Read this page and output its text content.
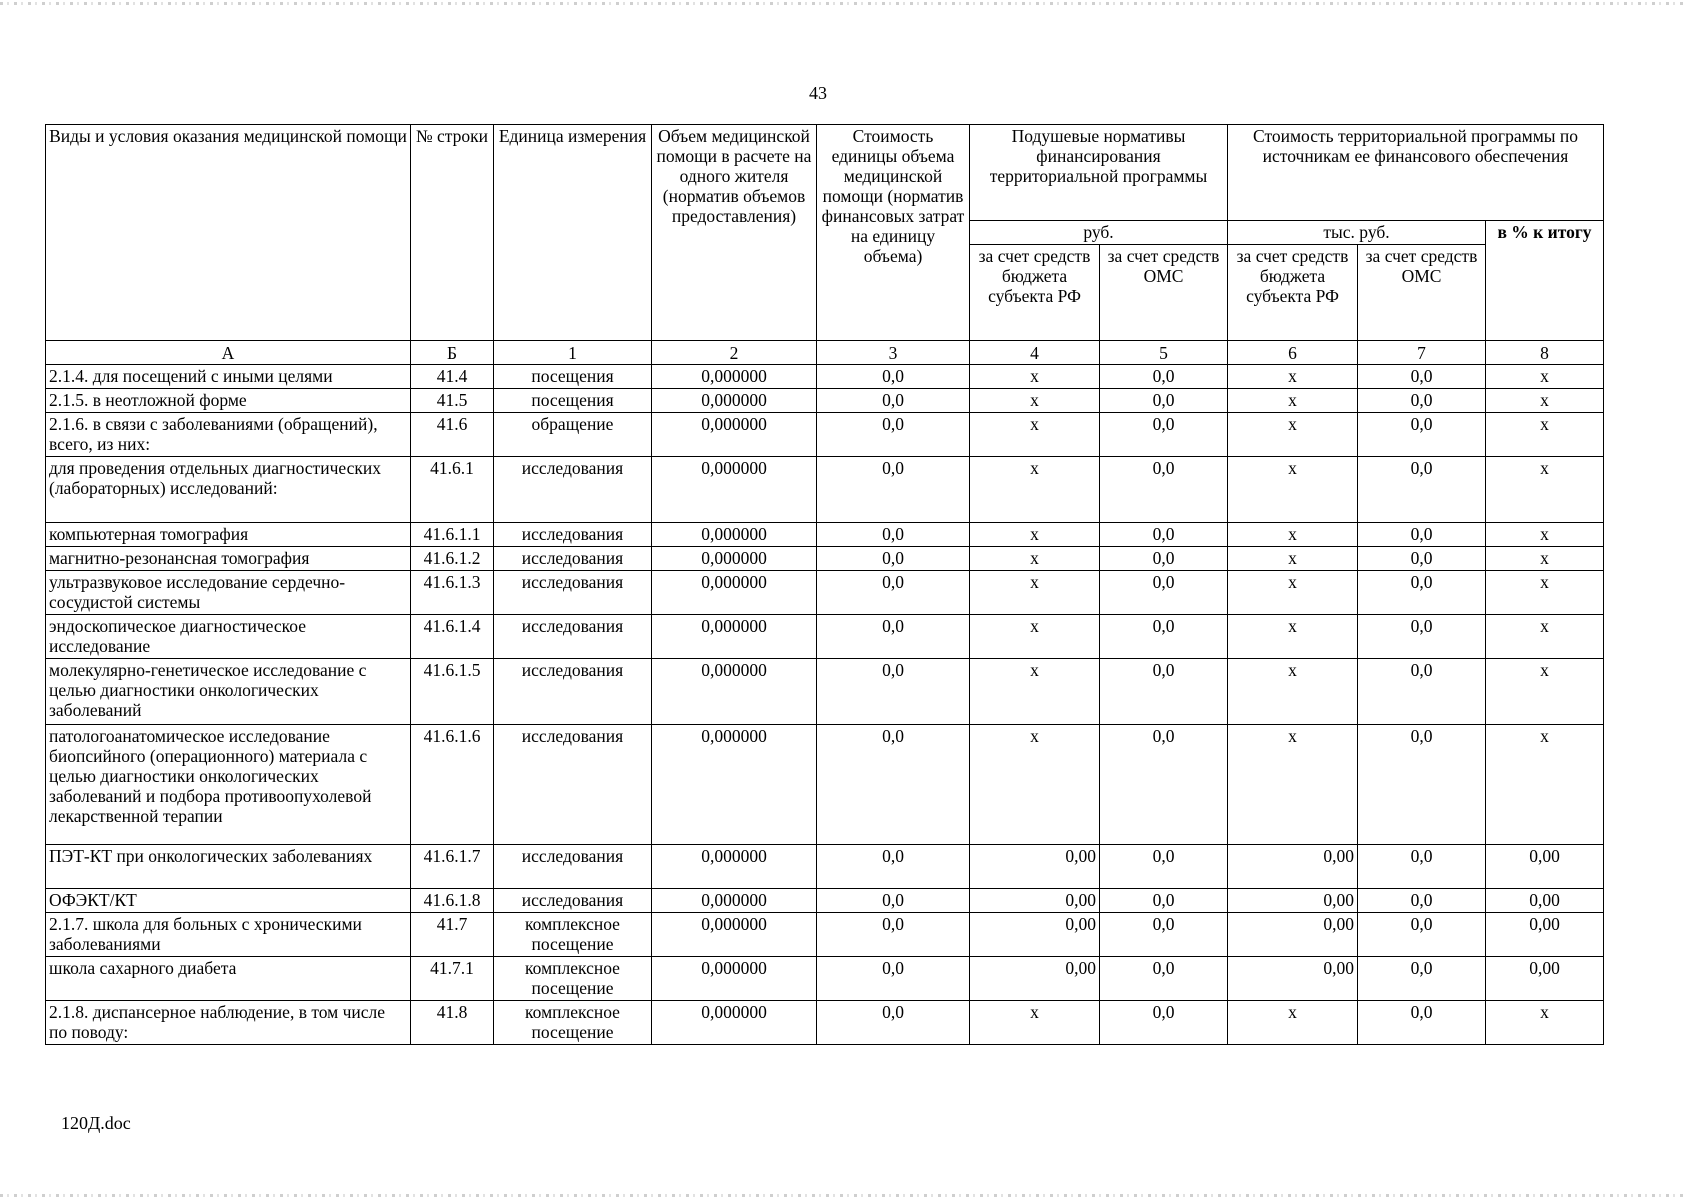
43
Виды и условия оказания медицинской помощи	№ строки	Единица измерения	Объем медицинской помощи в расчете на одного жителя (норматив объемов предоставления)	Стоимость единицы объема медицинской помощи (норматив финансовых затрат на единицу объема)	Подушевые нормативы финансирования территориальной программы		Стоимость территориальной программы по источникам ее финансового обеспечения		
					руб.		тыс. руб.		в % к итогу
					за счет средств бюджета субъекта РФ	за счет средств ОМС	за счет средств бюджета субъекта РФ	за счет средств ОМС	
А	Б	1	2	3	4	5	6	7	8
2.1.4. для посещений с иными целями	41.4	посещения	0,000000	0,0	х	0,0	х	0,0	х
2.1.5. в неотложной форме	41.5	посещения	0,000000	0,0	х	0,0	х	0,0	х
2.1.6. в связи с заболеваниями (обращений), всего, из них:	41.6	обращение	0,000000	0,0	х	0,0	х	0,0	х
для проведения отдельных диагностических (лабораторных) исследований:	41.6.1	исследования	0,000000	0,0	х	0,0	х	0,0	х
компьютерная томография	41.6.1.1	исследования	0,000000	0,0	х	0,0	х	0,0	х
магнитно-резонансная томография	41.6.1.2	исследования	0,000000	0,0	х	0,0	х	0,0	х
ультразвуковое исследование сердечно-сосудистой системы	41.6.1.3	исследования	0,000000	0,0	х	0,0	х	0,0	х
эндоскопическое диагностическое исследование	41.6.1.4	исследования	0,000000	0,0	х	0,0	х	0,0	х
молекулярно-генетическое исследование с целью диагностики онкологических заболеваний	41.6.1.5	исследования	0,000000	0,0	х	0,0	х	0,0	х
патологоанатомическое исследование биопсийного (операционного) материала с целью диагностики онкологических заболеваний и подбора противоопухолевой лекарственной терапии	41.6.1.6	исследования	0,000000	0,0	х	0,0	х	0,0	х
ПЭТ-КТ при онкологических заболеваниях	41.6.1.7	исследования	0,000000	0,0	0,00	0,0	0,00	0,0	0,00
ОФЭКТ/КТ	41.6.1.8	исследования	0,000000	0,0	0,00	0,0	0,00	0,0	0,00
2.1.7. школа для больных с хроническими заболеваниями	41.7	комплексное посещение	0,000000	0,0	0,00	0,0	0,00	0,0	0,00
школа сахарного диабета	41.7.1	комплексное посещение	0,000000	0,0	0,00	0,0	0,00	0,0	0,00
2.1.8. диспансерное наблюдение, в том числе по поводу:	41.8	комплексное посещение	0,000000	0,0	х	0,0	х	0,0	х
120Д.doc
